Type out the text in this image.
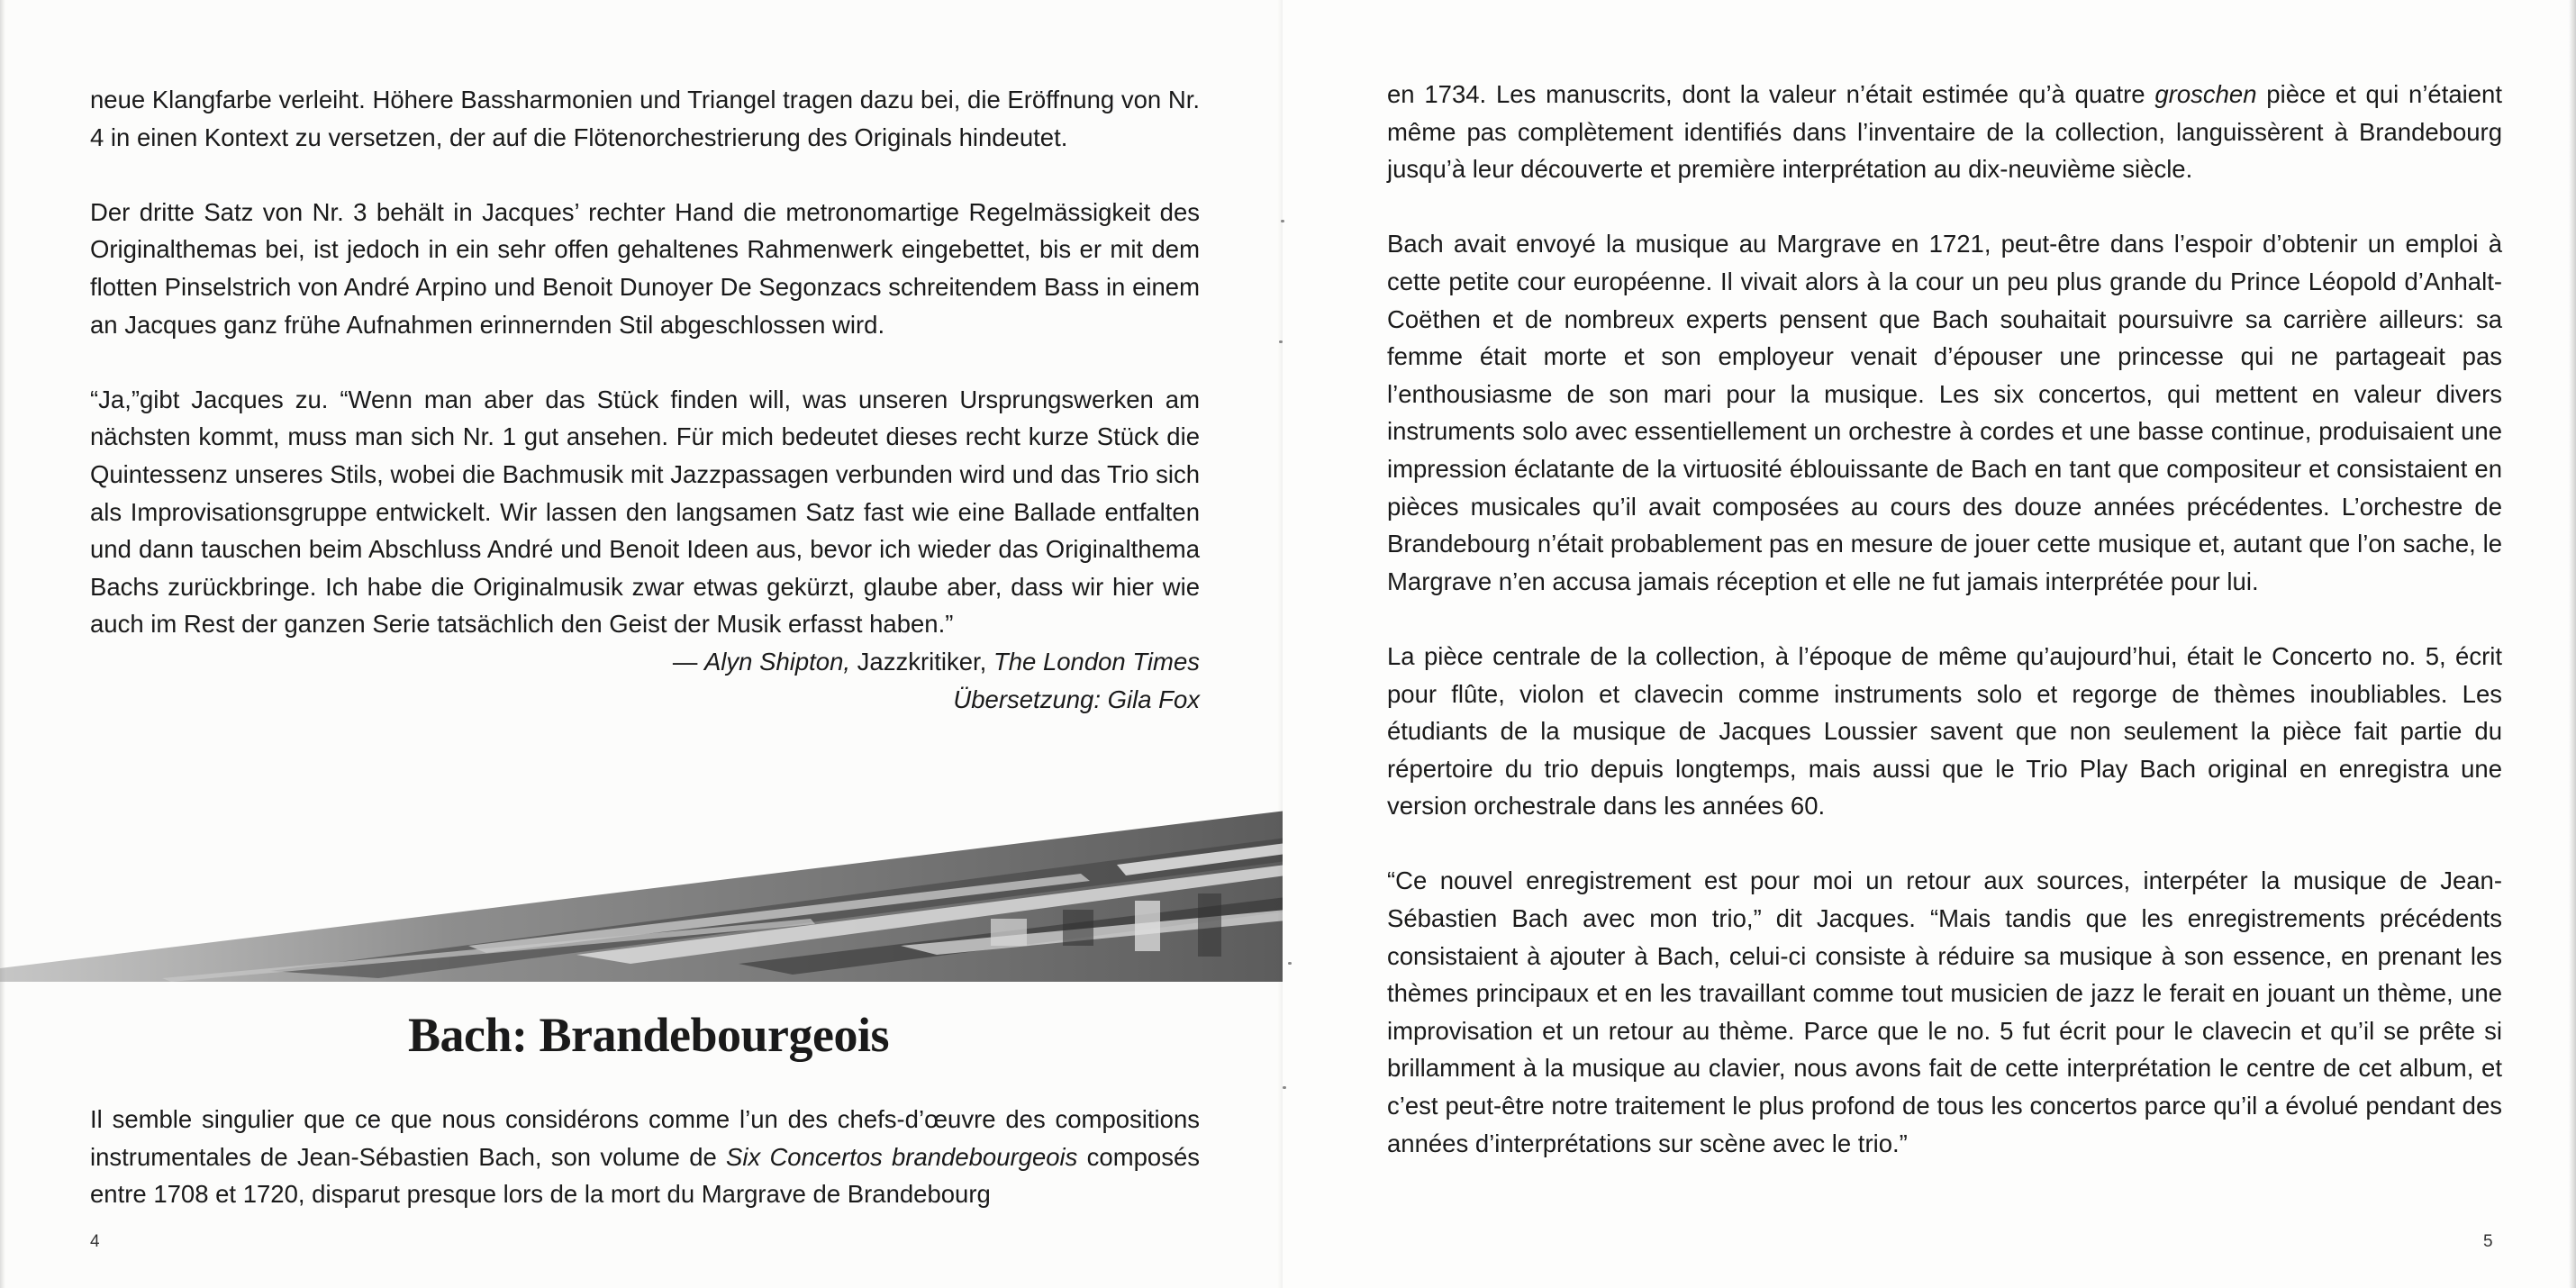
neue Klangfarbe verleiht. Höhere Bassharmonien und Triangel tragen dazu bei, die Eröffnung von Nr. 4 in einen Kontext zu versetzen, der auf die Flötenorchestrierung des Originals hindeutet.

Der dritte Satz von Nr. 3 behält in Jacques’ rechter Hand die metronomartige Regelmässigkeit des Originalthemas bei, ist jedoch in ein sehr offen gehaltenes Rahmenwerk eingebettet, bis er mit dem flotten Pinselstrich von André Arpino und Benoit Dunoyer De Segonzacs schreitendem Bass in einem an Jacques ganz frühe Aufnahmen erinnernden Stil abgeschlossen wird.

“Ja,”gibt Jacques zu. “Wenn man aber das Stück finden will, was unseren Ursprungswerken am nächsten kommt, muss man sich Nr. 1 gut ansehen. Für mich bedeutet dieses recht kurze Stück die Quintessenz unseres Stils, wobei die Bachmusik mit Jazzpassagen verbunden wird und das Trio sich als Improvisationsgruppe entwickelt. Wir lassen den langsamen Satz fast wie eine Ballade entfalten und dann tauschen beim Abschluss André und Benoit Ideen aus, bevor ich wieder das Originalthema Bachs zurückbringe. Ich habe die Originalmusik zwar etwas gekürzt, glaube aber, dass wir hier wie auch im Rest der ganzen Serie tatsächlich den Geist der Musik erfasst haben.”

— Alyn Shipton, Jazzkritiker, The London Times
Übersetzung: Gila Fox
Bach: Brandebourgeois
Il semble singulier que ce que nous considérons comme l’un des chefs-d’œuvre des compositions instrumentales de Jean-Sébastien Bach, son volume de Six Concertos brandebourgeois composés entre 1708 et 1720, disparut presque lors de la mort du Margrave de Brandebourg
4

en 1734. Les manuscrits, dont la valeur n’était estimée qu’à quatre groschen pièce et qui n’étaient même pas complètement identifiés dans l’inventaire de la collection, languissèrent à Brandebourg jusqu’à leur découverte et première interprétation au dix-neuvième siècle.

Bach avait envoyé la musique au Margrave en 1721, peut-être dans l’espoir d’obtenir un emploi à cette petite cour européenne. Il vivait alors à la cour un peu plus grande du Prince Léopold d’Anhalt-Coëthen et de nombreux experts pensent que Bach souhaitait poursuivre sa carrière ailleurs: sa femme était morte et son employeur venait d’épouser une princesse qui ne partageait pas l’enthousiasme de son mari pour la musique. Les six concertos, qui mettent en valeur divers instruments solo avec essentiellement un orchestre à cordes et une basse continue, produisaient une impression éclatante de la virtuosité éblouissante de Bach en tant que compositeur et consistaient en pièces musicales qu’il avait composées au cours des douze années précédentes. L’orchestre de Brandebourg n’était probablement pas en mesure de jouer cette musique et, autant que l’on sache, le Margrave n’en accusa jamais réception et elle ne fut jamais interprétée pour lui.

La pièce centrale de la collection, à l’époque de même qu’aujourd’hui, était le Concerto no. 5, écrit pour flûte, violon et clavecin comme instruments solo et regorge de thèmes inoubliables. Les étudiants de la musique de Jacques Loussier savent que non seulement la pièce fait partie du répertoire du trio depuis longtemps, mais aussi que le Trio Play Bach original en enregistra une version orchestrale dans les années 60.

“Ce nouvel enregistrement est pour moi un retour aux sources, interpéter la musique de Jean-Sébastien Bach avec mon trio,” dit Jacques. “Mais tandis que les enregistrements précédents consistaient à ajouter à Bach, celui-ci consiste à réduire sa musique à son essence, en prenant les thèmes principaux et en les travaillant comme tout musicien de jazz le ferait en jouant un thème, une improvisation et un retour au thème. Parce que le no. 5 fut écrit pour le clavecin et qu’il se prête si brillamment à la musique au clavier, nous avons fait de cette interprétation le centre de cet album, et c’est peut-être notre traitement le plus profond de tous les concertos parce qu’il a évolué pendant des années d’interprétations sur scène avec le trio.”

5
